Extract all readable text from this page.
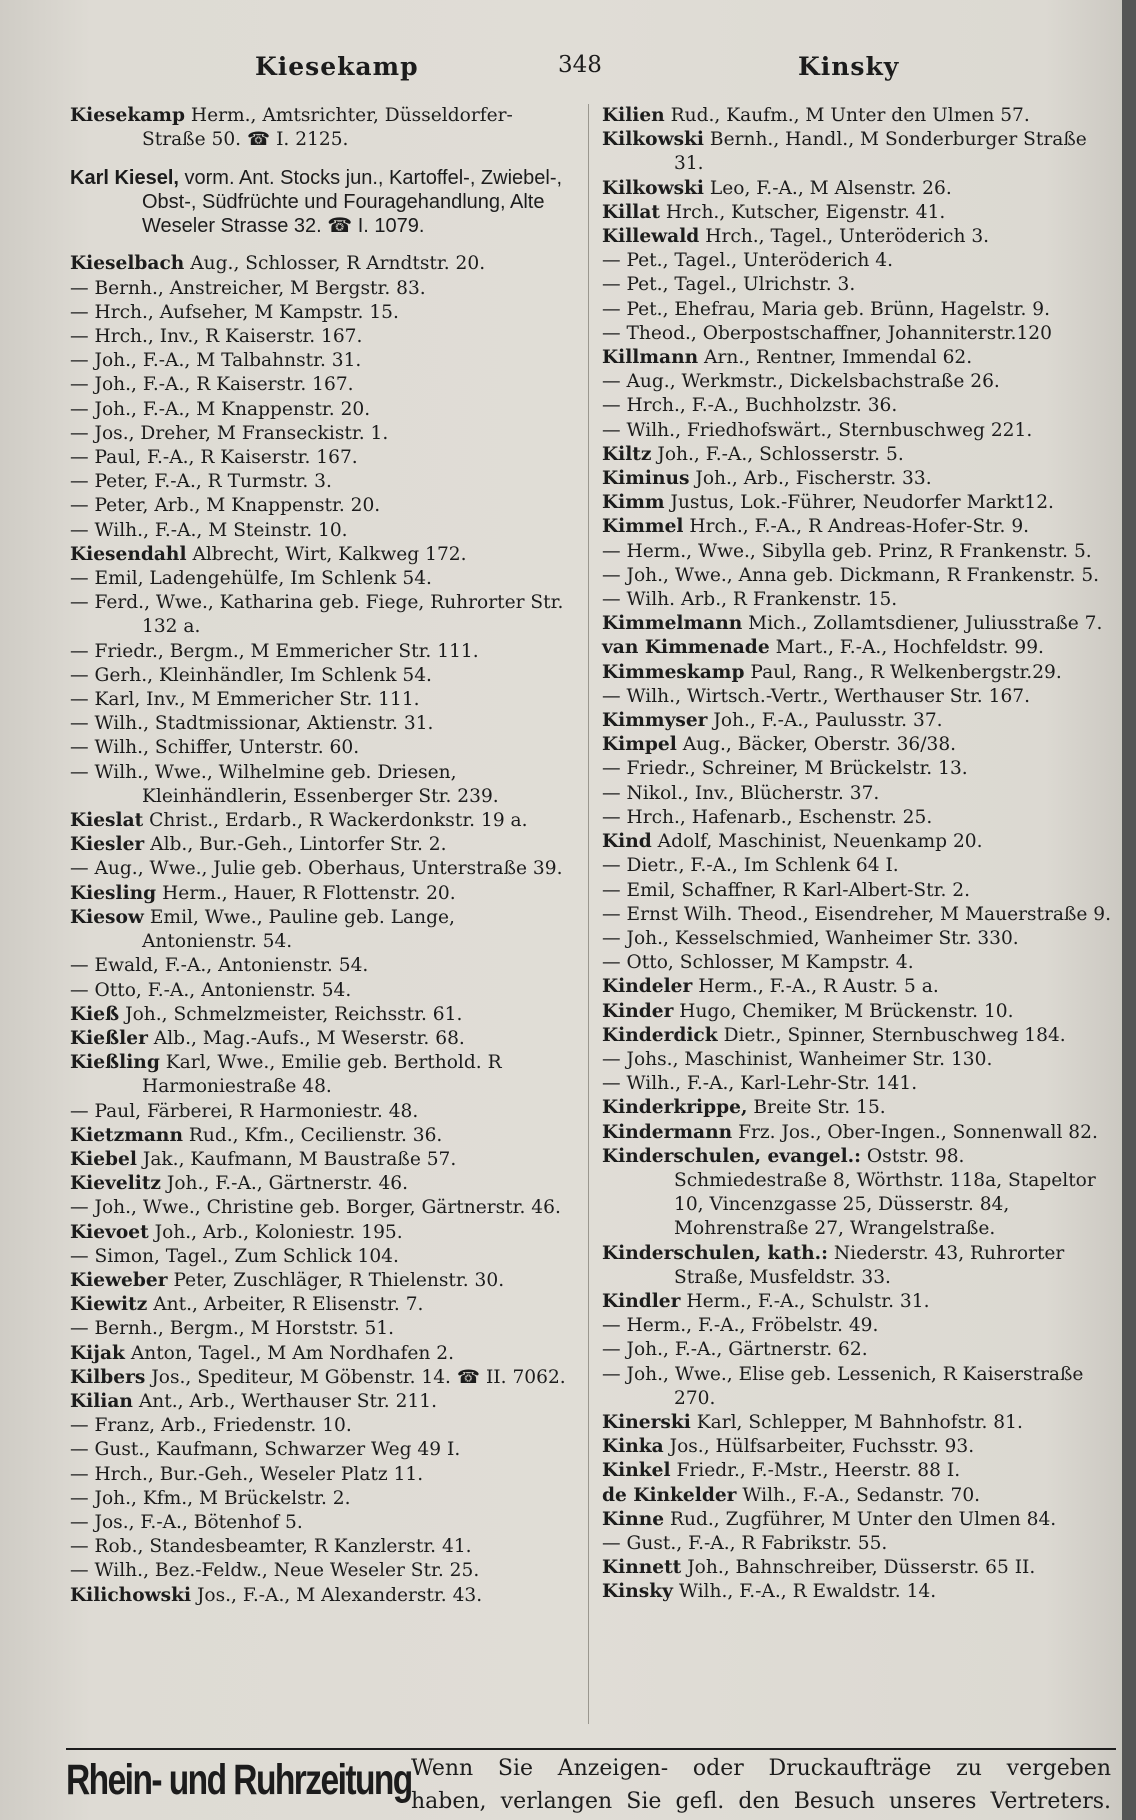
Kiesekamp	348	Kinsky

Kiesekamp Herm., Amtsrichter, Düsseldorfer-Straße 50. ☎ I. 2125.

Karl Kiesel, vorm. Ant. Stocks jun., Kartoffel-, Zwiebel-, Obst-, Südfrüchte und Fouragehandlung, Alte Weseler Strasse 32. ☎ I. 1079.

Kieselbach Aug., Schlosser, R Arndtstr. 20.

— Bernh., Anstreicher, M Bergstr. 83.

— Hrch., Aufseher, M Kampstr. 15.

— Hrch., Inv., R Kaiserstr. 167.

— Joh., F.-A., M Talbahnstr. 31.

— Joh., F.-A., R Kaiserstr. 167.

— Joh., F.-A., M Knappenstr. 20.

— Jos., Dreher, M Franseckistr. 1.

— Paul, F.-A., R Kaiserstr. 167.

— Peter, F.-A., R Turmstr. 3.

— Peter, Arb., M Knappenstr. 20.

— Wilh., F.-A., M Steinstr. 10.

Kiesendahl Albrecht, Wirt, Kalkweg 172.

— Emil, Ladengehülfe, Im Schlenk 54.

— Ferd., Wwe., Katharina geb. Fiege, Ruhrorter Str. 132 a.

— Friedr., Bergm., M Emmericher Str. 111.

— Gerh., Kleinhändler, Im Schlenk 54.

— Karl, Inv., M Emmericher Str. 111.

— Wilh., Stadtmissionar, Aktienstr. 31.

— Wilh., Schiffer, Unterstr. 60.

— Wilh., Wwe., Wilhelmine geb. Driesen, Kleinhändlerin, Essenberger Str. 239.

Kieslat Christ., Erdarb., R Wackerdonkstr. 19 a.

Kiesler Alb., Bur.-Geh., Lintorfer Str. 2.

— Aug., Wwe., Julie geb. Oberhaus, Unterstraße 39.

Kiesling Herm., Hauer, R Flottenstr. 20.

Kiesow Emil, Wwe., Pauline geb. Lange, Antonienstr. 54.

— Ewald, F.-A., Antonienstr. 54.

— Otto, F.-A., Antonienstr. 54.

Kieß Joh., Schmelzmeister, Reichsstr. 61.

Kießler Alb., Mag.-Aufs., M Weserstr. 68.

Kießling Karl, Wwe., Emilie geb. Berthold. R Harmoniestraße 48.

— Paul, Färberei, R Harmoniestr. 48.

Kietzmann Rud., Kfm., Cecilienstr. 36.

Kiebel Jak., Kaufmann, M Baustraße 57.

Kievelitz Joh., F.-A., Gärtnerstr. 46.

— Joh., Wwe., Christine geb. Borger, Gärtnerstr. 46.

Kievoet Joh., Arb., Koloniestr. 195.

— Simon, Tagel., Zum Schlick 104.

Kieweber Peter, Zuschläger, R Thielenstr. 30.

Kiewitz Ant., Arbeiter, R Elisenstr. 7.

— Bernh., Bergm., M Horststr. 51.

Kijak Anton, Tagel., M Am Nordhafen 2.

Kilbers Jos., Spediteur, M Göbenstr. 14. ☎ II. 7062.

Kilian Ant., Arb., Werthauser Str. 211.

— Franz, Arb., Friedenstr. 10.

— Gust., Kaufmann, Schwarzer Weg 49 I.

— Hrch., Bur.-Geh., Weseler Platz 11.

— Joh., Kfm., M Brückelstr. 2.

— Jos., F.-A., Bötenhof 5.

— Rob., Standesbeamter, R Kanzlerstr. 41.

— Wilh., Bez.-Feldw., Neue Weseler Str. 25.

Kilichowski Jos., F.-A., M Alexanderstr. 43.

Kilien Rud., Kaufm., M Unter den Ulmen 57.

Kilkowski Bernh., Handl., M Sonderburger Straße 31.

Kilkowski Leo, F.-A., M Alsenstr. 26.

Killat Hrch., Kutscher, Eigenstr. 41.

Killewald Hrch., Tagel., Unteröderich 3.

— Pet., Tagel., Unteröderich 4.

— Pet., Tagel., Ulrichstr. 3.

— Pet., Ehefrau, Maria geb. Brünn, Hagelstr. 9.

— Theod., Oberpostschaffner, Johanniterstr.120

Killmann Arn., Rentner, Immendal 62.

— Aug., Werkmstr., Dickelsbachstraße 26.

— Hrch., F.-A., Buchholzstr. 36.

— Wilh., Friedhofswärt., Sternbuschweg 221.

Kiltz Joh., F.-A., Schlosserstr. 5.

Kiminus Joh., Arb., Fischerstr. 33.

Kimm Justus, Lok.-Führer, Neudorfer Markt12.

Kimmel Hrch., F.-A., R Andreas-Hofer-Str. 9.

— Herm., Wwe., Sibylla geb. Prinz, R Frankenstr. 5.

— Joh., Wwe., Anna geb. Dickmann, R Frankenstr. 5.

— Wilh. Arb., R Frankenstr. 15.

Kimmelmann Mich., Zollamtsdiener, Juliusstraße 7.

van Kimmenade Mart., F.-A., Hochfeldstr. 99.

Kimmeskamp Paul, Rang., R Welkenbergstr.29.

— Wilh., Wirtsch.-Vertr., Werthauser Str. 167.

Kimmyser Joh., F.-A., Paulusstr. 37.

Kimpel Aug., Bäcker, Oberstr. 36/38.

— Friedr., Schreiner, M Brückelstr. 13.

— Nikol., Inv., Blücherstr. 37.

— Hrch., Hafenarb., Eschenstr. 25.

Kind Adolf, Maschinist, Neuenkamp 20.

— Dietr., F.-A., Im Schlenk 64 I.

— Emil, Schaffner, R Karl-Albert-Str. 2.

— Ernst Wilh. Theod., Eisendreher, M Mauerstraße 9.

— Joh., Kesselschmied, Wanheimer Str. 330.

— Otto, Schlosser, M Kampstr. 4.

Kindeler Herm., F.-A., R Austr. 5 a.

Kinder Hugo, Chemiker, M Brückenstr. 10.

Kinderdick Dietr., Spinner, Sternbuschweg 184.

— Johs., Maschinist, Wanheimer Str. 130.

— Wilh., F.-A., Karl-Lehr-Str. 141.

Kinderkrippe, Breite Str. 15.

Kindermann Frz. Jos., Ober-Ingen., Sonnenwall 82.

Kinderschulen, evangel.: Oststr. 98. Schmiedestraße 8, Wörthstr. 118a, Stapeltor 10, Vincenzgasse 25, Düsserstr. 84, Mohrenstraße 27, Wrangelstraße.

Kinderschulen, kath.: Niederstr. 43, Ruhrorter Straße, Musfeldstr. 33.

Kindler Herm., F.-A., Schulstr. 31.

— Herm., F.-A., Fröbelstr. 49.

— Joh., F.-A., Gärtnerstr. 62.

— Joh., Wwe., Elise geb. Lessenich, R Kaiserstraße 270.

Kinerski Karl, Schlepper, M Bahnhofstr. 81.

Kinka Jos., Hülfsarbeiter, Fuchsstr. 93.

Kinkel Friedr., F.-Mstr., Heerstr. 88 I.

de Kinkelder Wilh., F.-A., Sedanstr. 70.

Kinne Rud., Zugführer, M Unter den Ulmen 84.

— Gust., F.-A., R Fabrikstr. 55.

Kinnett Joh., Bahnschreiber, Düsserstr. 65 II.

Kinsky Wilh., F.-A., R Ewaldstr. 14.

Rhein- und Ruhrzeitung Wenn Sie Anzeigen- oder Druckaufträge zu vergeben
haben, verlangen Sie gefl. den Besuch unseres Vertreters.
